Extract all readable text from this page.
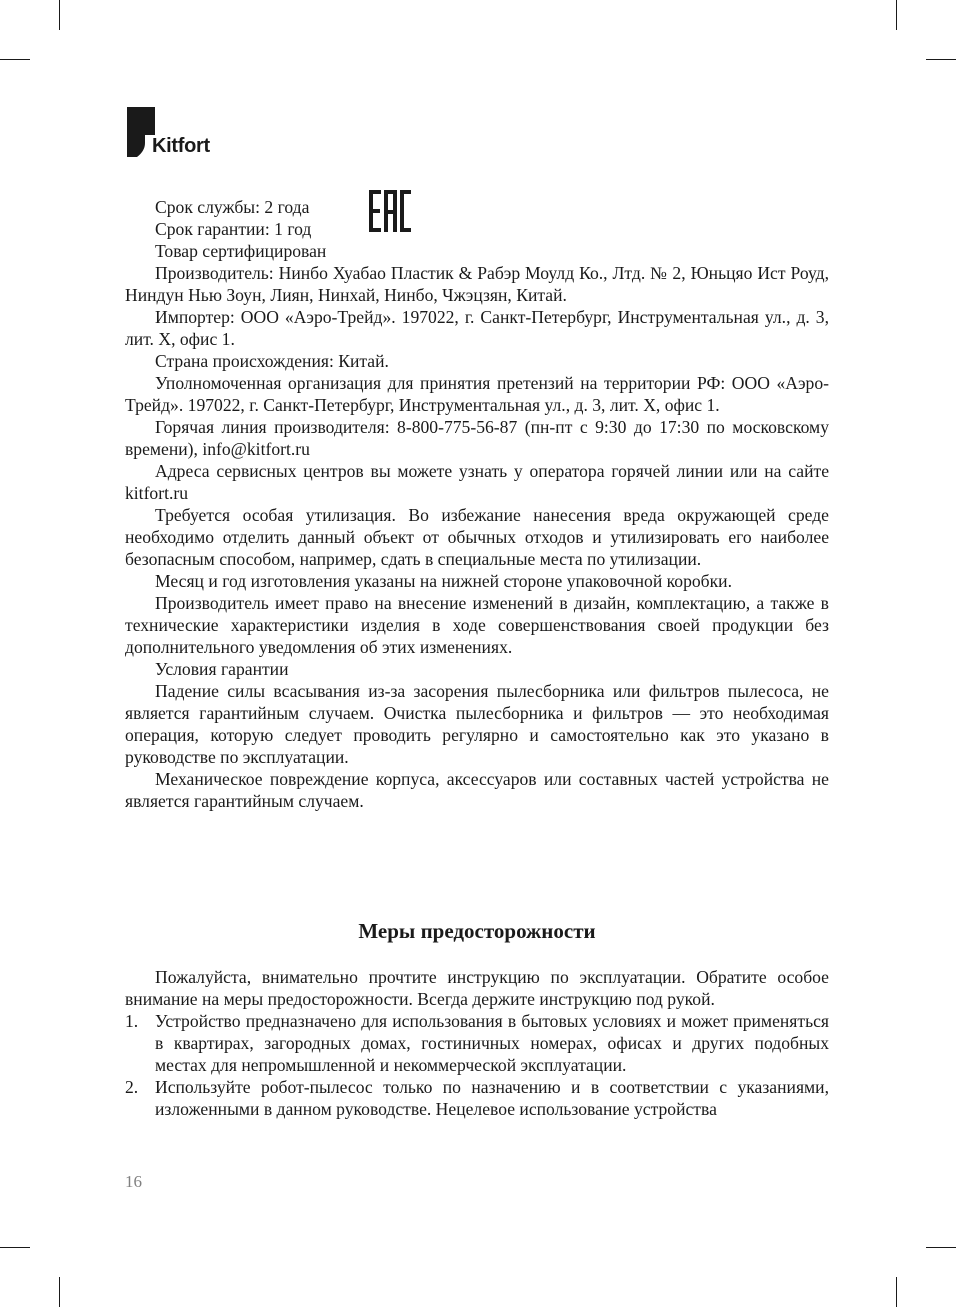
Kitfort

Срок службы: 2 года

Срок гарантии: 1 год

Товар сертифицирован

Производитель: Нинбо Хуабао Пластик & Рабэр Моулд Ко., Лтд. № 2, Юньцяо Ист Роуд, Ниндун Нью Зоун, Лиян, Нинхай, Нинбо, Чжэцзян, Китай.

Импортер: ООО «Аэро-Трейд». 197022, г. Санкт-Петербург, Инструментальная ул., д. 3, лит. Х, офис 1.

Страна происхождения: Китай.

Уполномоченная организация для принятия претензий на территории РФ: ООО «Аэро-Трейд». 197022, г. Санкт-Петербург, Инструментальная ул., д. 3, лит. Х, офис 1.

Горячая линия производителя: 8-800-775-56-87 (пн-пт с 9:30 до 17:30 по московскому времени), info@kitfort.ru

Адреса сервисных центров вы можете узнать у оператора горячей линии или на сайте kitfort.ru

Требуется особая утилизация. Во избежание нанесения вреда окружающей среде необходимо отделить данный объект от обычных отходов и утилизировать его наиболее безопасным способом, например, сдать в специальные места по утилизации.

Месяц и год изготовления указаны на нижней стороне упаковочной коробки.

Производитель имеет право на внесение изменений в дизайн, комплектацию, а также в технические характеристики изделия в ходе совершенствования своей продукции без дополнительного уведомления об этих изменениях.

Условия гарантии

Падение силы всасывания из-за засорения пылесборника или фильтров пылесоса, не является гарантийным случаем. Очистка пылесборника и фильтров — это необходимая операция, которую следует проводить регулярно и самостоятельно как это указано в руководстве по эксплуатации.

Механическое повреждение корпуса, аксессуаров или составных частей устройства не является гарантийным случаем.

Меры предосторожности

Пожалуйста, внимательно прочтите инструкцию по эксплуатации. Обратите особое внимание на меры предосторожности. Всегда держите инструкцию под рукой.

1. Устройство предназначено для использования в бытовых условиях и может применяться в квартирах, загородных домах, гостиничных номерах, офисах и других подобных местах для непромышленной и некоммерческой эксплуатации.
2. Используйте робот-пылесос только по назначению и в соответствии с указаниями, изложенными в данном руководстве. Нецелевое использование устройства
16
